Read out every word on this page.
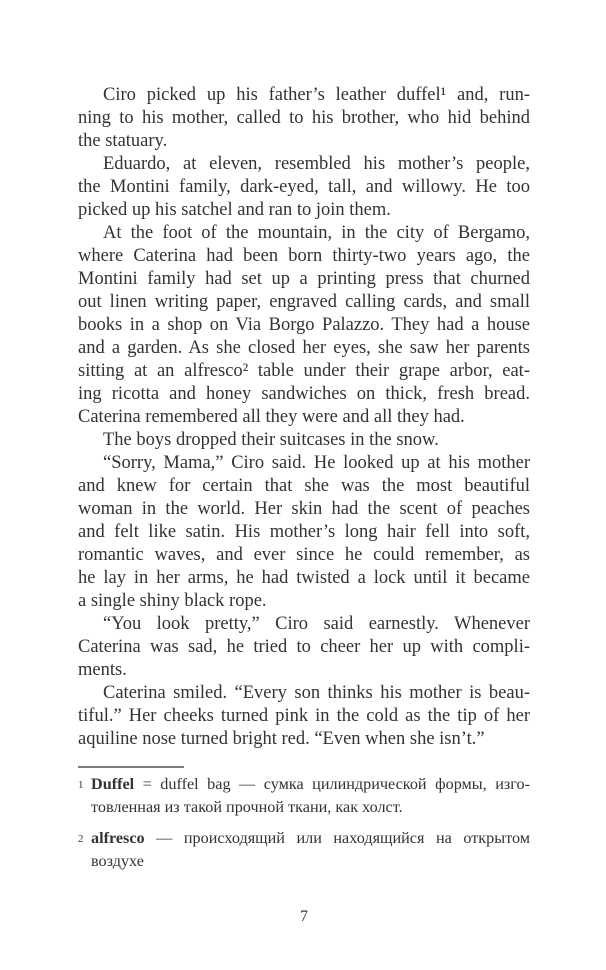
Ciro picked up his father’s leather duffel¹ and, run-
ning to his mother, called to his brother, who hid behind
the statuary.
Eduardo, at eleven, resembled his mother’s people,
the Montini family, dark-eyed, tall, and willowy. He too
picked up his satchel and ran to join them.
At the foot of the mountain, in the city of Bergamo,
where Caterina had been born thirty-two years ago, the
Montini family had set up a printing press that churned
out linen writing paper, engraved calling cards, and small
books in a shop on Via Borgo Palazzo. They had a house
and a garden. As she closed her eyes, she saw her parents
sitting at an alfresco² table under their grape arbor, eat-
ing ricotta and honey sandwiches on thick, fresh bread.
Caterina remembered all they were and all they had.
The boys dropped their suitcases in the snow.
“Sorry, Mama,” Ciro said. He looked up at his mother
and knew for certain that she was the most beautiful
woman in the world. Her skin had the scent of peaches
and felt like satin. His mother’s long hair fell into soft,
romantic waves, and ever since he could remember, as
he lay in her arms, he had twisted a lock until it became
a single shiny black rope.
“You look pretty,” Ciro said earnestly. Whenever
Caterina was sad, he tried to cheer her up with compli-
ments.
Caterina smiled. “Every son thinks his mother is beau-
tiful.” Her cheeks turned pink in the cold as the tip of her
aquiline nose turned bright red. “Even when she isn’t.”
1 Duffel = duffel bag — сумка цилиндрической формы, изго-
товленная из такой прочной ткани, как холст.
2 alfresco — происходящий или находящийся на открытом
воздухе
7
